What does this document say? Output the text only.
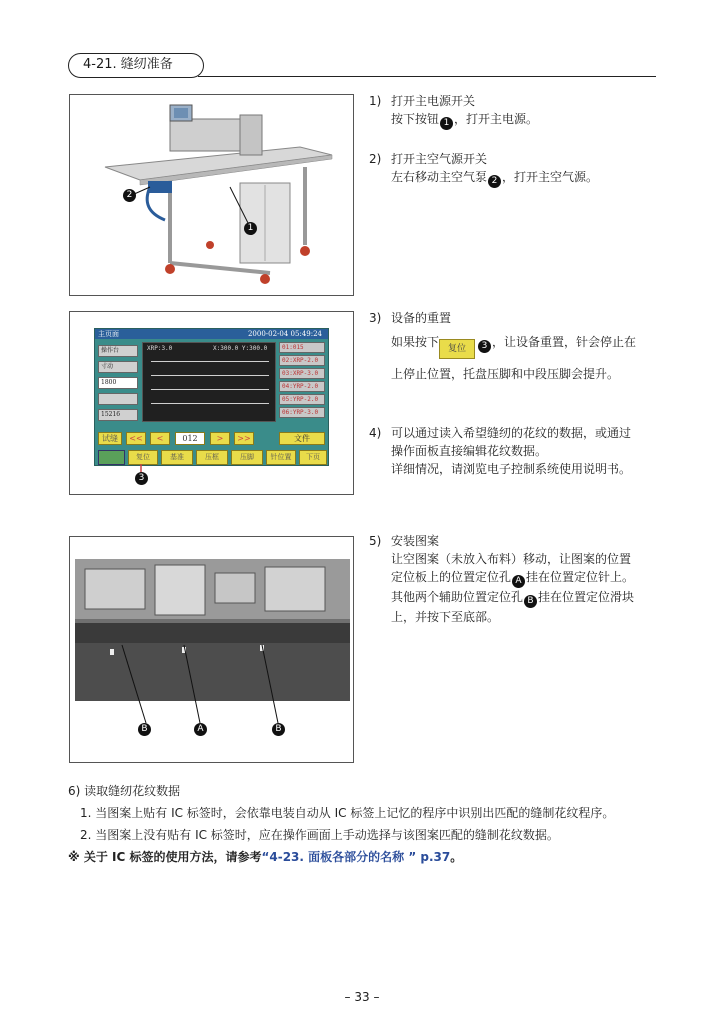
4-21. 缝纫准备
2
1
1) 打开主电源开关

按下按钮 1 ，打开主电源。

2) 打开主空气源开关

左右移动主空气泵 2 ，打开主空气源。

主页面	2000-02-04 05:49:24
XRP:3.0	X:300.0 Y:300.0	01:015
02:XRP-2.0
03:XRP-3.0
04:YRP-2.0
05:YRP-2.0
06:YRP-3.0
操作台
寸动
1800
15216
试缝	<<	<	012	>	>>	文件
复位	基准	压框	压脚	针位置	下页
3
3) 设备的重置

如果按下 复位 3 ，让设备重置，针会停止在

上停止位置，托盘压脚和中段压脚会提升。

4) 可以通过读入希望缝纫的花纹的数据，或通过

操作面板直接编辑花纹数据。

详细情况，请浏览电子控制系统使用说明书。

B	A	B
5) 安装图案

让空图案（未放入布料）移动，让图案的位置

定位板上的位置定位孔 A 挂在位置定位针上。

其他两个辅助位置定位孔 B 挂在位置定位滑块

上，并按下至底部。

6) 读取缝纫花纹数据

1. 当图案上贴有 IC 标签时，会依靠电装自动从 IC 标签上记忆的程序中识别出匹配的缝制花纹程序。

2. 当图案上没有贴有 IC 标签时，应在操作画面上手动选择与该图案匹配的缝制花纹数据。

※ 关于 IC 标签的使用方法，请参考“4-23. 面板各部分的名称 ” p.37。

– 33 –
